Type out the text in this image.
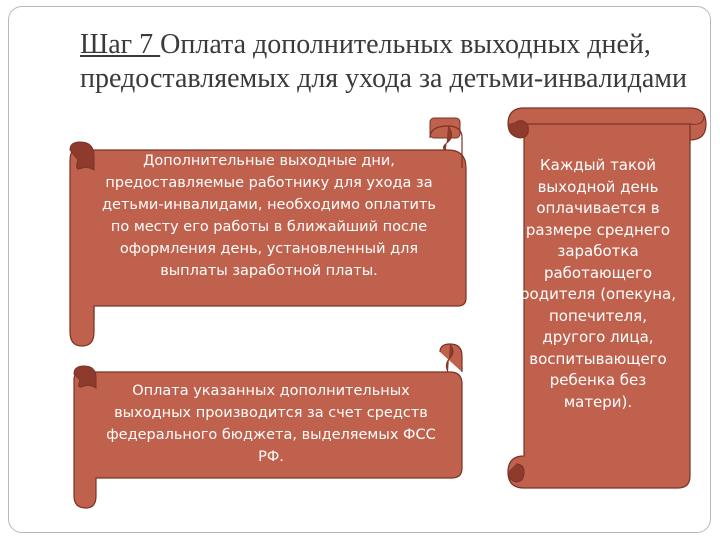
Шаг 7 Оплата дополнительных выходных дней, предоставляемых для ухода за детьми-инвалидами

Дополнительные выходные дни, предоставляемые работнику для ухода за детьми-инвалидами, необходимо оплатить по месту его работы в ближайший после оформления день, установленный для выплаты заработной платы.

Оплата указанных дополнительных выходных производится за счет средств федерального бюджета, выделяемых ФСС РФ.

Каждый такой выходной день оплачивается в размере среднего заработка работающего родителя (опекуна, попечителя, другого лица, воспитывающего ребенка без матери).
